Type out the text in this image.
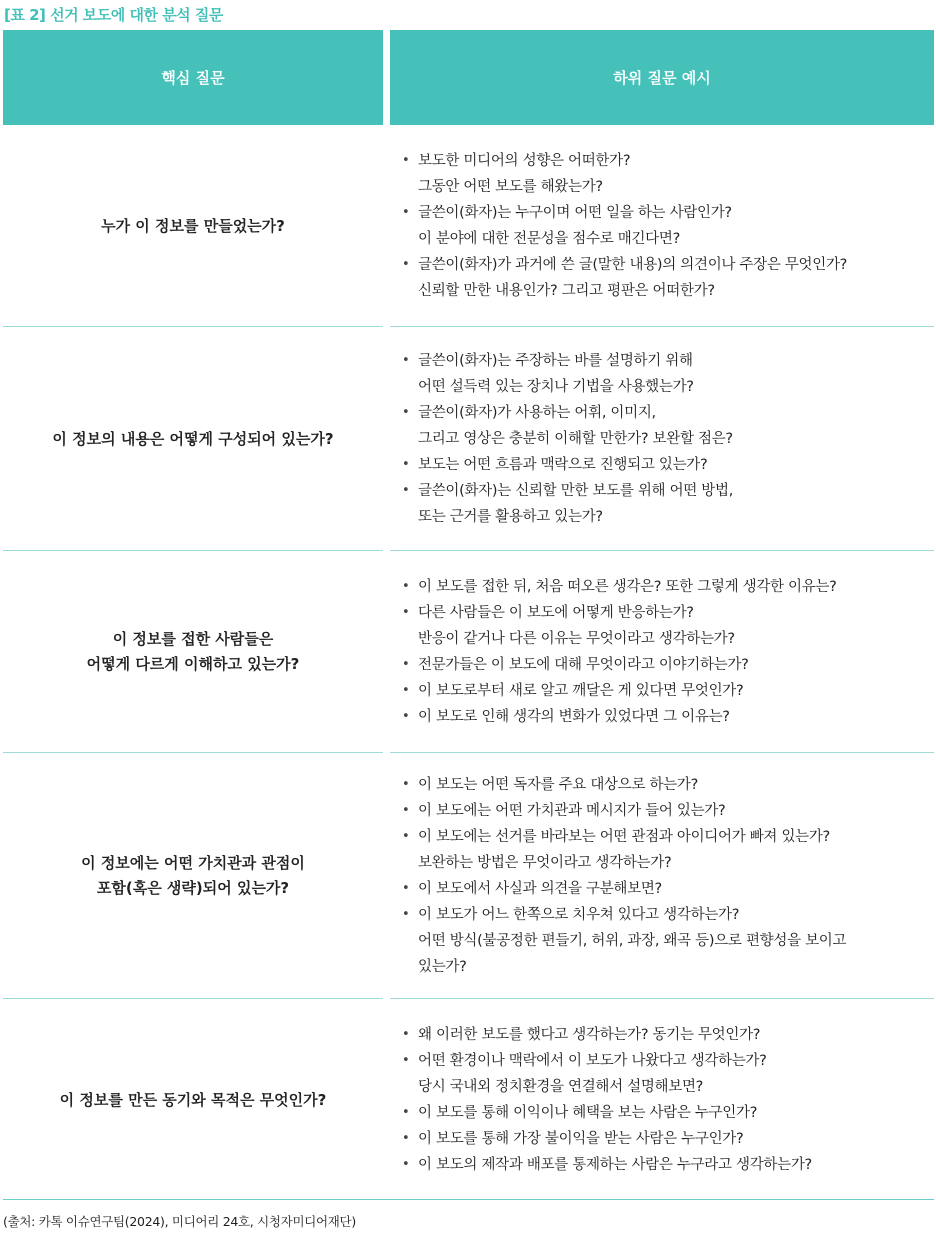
[표 2] 선거 보도에 대한 분석 질문
핵심 질문	하위 질문 예시
누가 이 정보를 만들었는가?
• 보도한 미디어의 성향은 어떠한가?
그동안 어떤 보도를 해왔는가?
• 글쓴이(화자)는 누구이며 어떤 일을 하는 사람인가?
이 분야에 대한 전문성을 점수로 매긴다면?
• 글쓴이(화자)가 과거에 쓴 글(말한 내용)의 의견이나 주장은 무엇인가?
신뢰할 만한 내용인가? 그리고 평판은 어떠한가?
이 정보의 내용은 어떻게 구성되어 있는가?
• 글쓴이(화자)는 주장하는 바를 설명하기 위해
어떤 설득력 있는 장치나 기법을 사용했는가?
• 글쓴이(화자)가 사용하는 어휘, 이미지,
그리고 영상은 충분히 이해할 만한가? 보완할 점은?
• 보도는 어떤 흐름과 맥락으로 진행되고 있는가?
• 글쓴이(화자)는 신뢰할 만한 보도를 위해 어떤 방법,
또는 근거를 활용하고 있는가?
이 정보를 접한 사람들은
어떻게 다르게 이해하고 있는가?
• 이 보도를 접한 뒤, 처음 떠오른 생각은? 또한 그렇게 생각한 이유는?
• 다른 사람들은 이 보도에 어떻게 반응하는가?
반응이 같거나 다른 이유는 무엇이라고 생각하는가?
• 전문가들은 이 보도에 대해 무엇이라고 이야기하는가?
• 이 보도로부터 새로 알고 깨달은 게 있다면 무엇인가?
• 이 보도로 인해 생각의 변화가 있었다면 그 이유는?
이 정보에는 어떤 가치관과 관점이
포함(혹은 생략)되어 있는가?
• 이 보도는 어떤 독자를 주요 대상으로 하는가?
• 이 보도에는 어떤 가치관과 메시지가 들어 있는가?
• 이 보도에는 선거를 바라보는 어떤 관점과 아이디어가 빠져 있는가?
보완하는 방법은 무엇이라고 생각하는가?
• 이 보도에서 사실과 의견을 구분해보면?
• 이 보도가 어느 한쪽으로 치우쳐 있다고 생각하는가?
어떤 방식(불공정한 편들기, 허위, 과장, 왜곡 등)으로 편향성을 보이고
있는가?
이 정보를 만든 동기와 목적은 무엇인가?
• 왜 이러한 보도를 했다고 생각하는가? 동기는 무엇인가?
• 어떤 환경이나 맥락에서 이 보도가 나왔다고 생각하는가?
당시 국내외 정치환경을 연결해서 설명해보면?
• 이 보도를 통해 이익이나 혜택을 보는 사람은 누구인가?
• 이 보도를 통해 가장 불이익을 받는 사람은 누구인가?
• 이 보도의 제작과 배포를 통제하는 사람은 누구라고 생각하는가?
(출처: 카톡 이슈연구팀(2024), 미디어리 24호, 시청자미디어재단)
